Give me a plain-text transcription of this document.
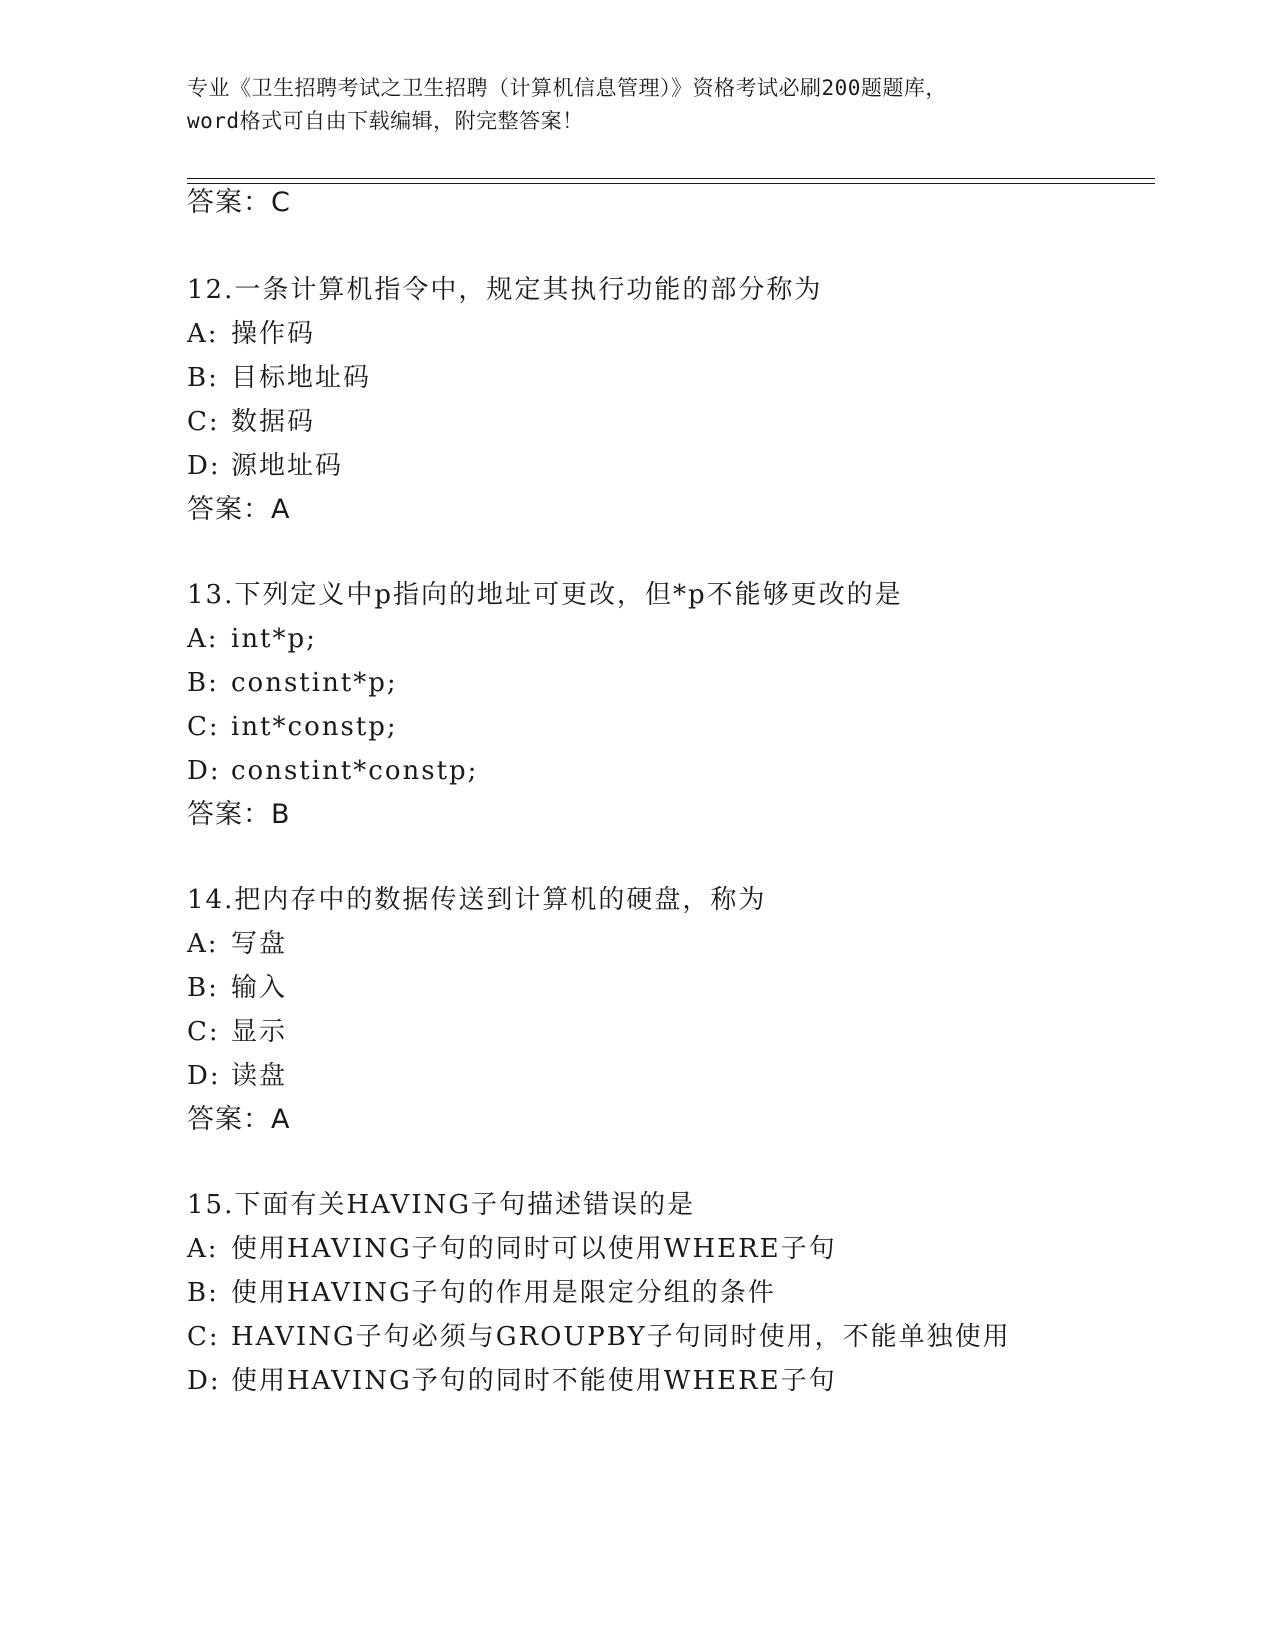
专业《卫生招聘考试之卫生招聘（计算机信息管理）》资格考试必刷200题题库，
word格式可自由下载编辑，附完整答案！
答案：C
12.一条计算机指令中，规定其执行功能的部分称为
A: 操作码
B: 目标地址码
C: 数据码
D: 源地址码
答案：A
13.下列定义中p指向的地址可更改，但*p不能够更改的是
A: int*p;
B: constint*p;
C: int*constp;
D: constint*constp;
答案：B
14.把内存中的数据传送到计算机的硬盘，称为
A: 写盘
B: 输入
C: 显示
D: 读盘
答案：A
15.下面有关HAVING子句描述错误的是
A: 使用HAVING子句的同时可以使用WHERE子句
B: 使用HAVING子句的作用是限定分组的条件
C: HAVING子句必须与GROUPBY子句同时使用，不能单独使用
D: 使用HAVING予句的同时不能使用WHERE子句
